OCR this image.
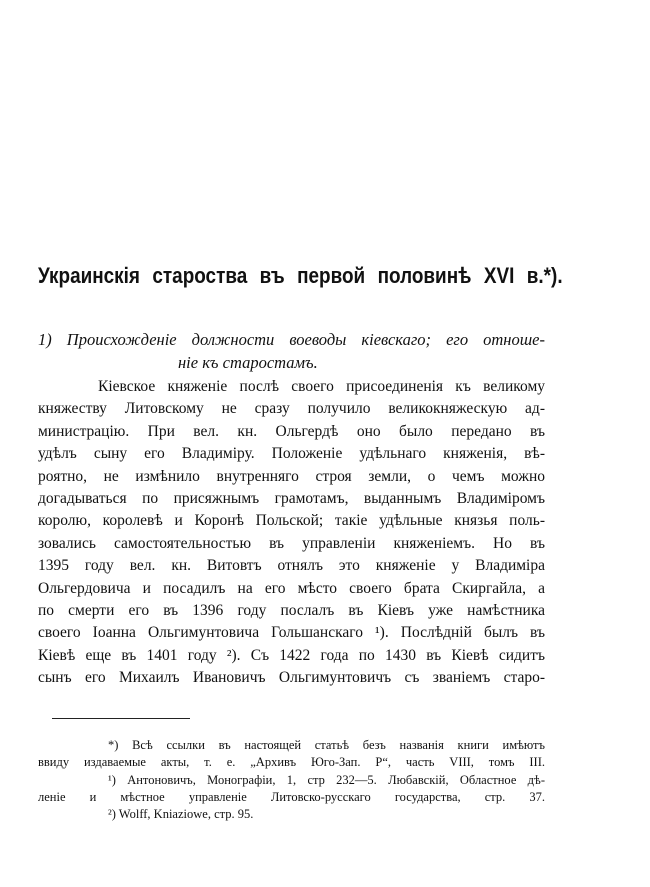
Украинскія староства въ первой половинѣ XVI в.*).
1) Происхожденіе должности воеводы кіевскаго; его отноше-
ніе къ старостамъ.
Кіевское княженіе послѣ своего присоединенія къ великому
княжеству Литовскому не сразу получило великокняжескую ад-
министрацію. При вел. кн. Ольгердѣ оно было передано въ
удѣлъ сыну его Владиміру. Положеніе удѣльнаго княженія, вѣ-
роятно, не измѣнило внутренняго строя земли, о чемъ можно
догадываться по присяжнымъ грамотамъ, выданнымъ Владиміромъ
королю, королевѣ и Коронѣ Польской; такіе удѣльные князья поль-
зовались самостоятельностью въ управленіи княженіемъ. Но въ
1395 году вел. кн. Витовтъ отнялъ это княженіе у Владиміра
Ольгердовича и посадилъ на его мѣсто своего брата Скиргайла, а
по смерти его въ 1396 году послалъ въ Кіевъ уже намѣстника
своего Іоанна Ольгимунтовича Гольшанскаго ¹). Послѣдній былъ въ
Кіевѣ еще въ 1401 году ²). Съ 1422 года по 1430 въ Кіевѣ сидитъ
сынъ его Михаилъ Ивановичъ Ольгимунтовичъ съ званіемъ старо-
*) Всѣ ссылки въ настоящей статьѣ безъ названія книги имѣютъ
ввиду издаваемые акты, т. е. „Архивъ Юго-Зап. Р“, часть VIII, томъ III.
¹) Антоновичъ, Монографіи, 1, стр 232—5. Любавскій, Областное дѣ-
леніе и мѣстное управленіе Литовско-русскаго государства, стр. 37.
²) Wolff, Kniaziowe, стр. 95.
